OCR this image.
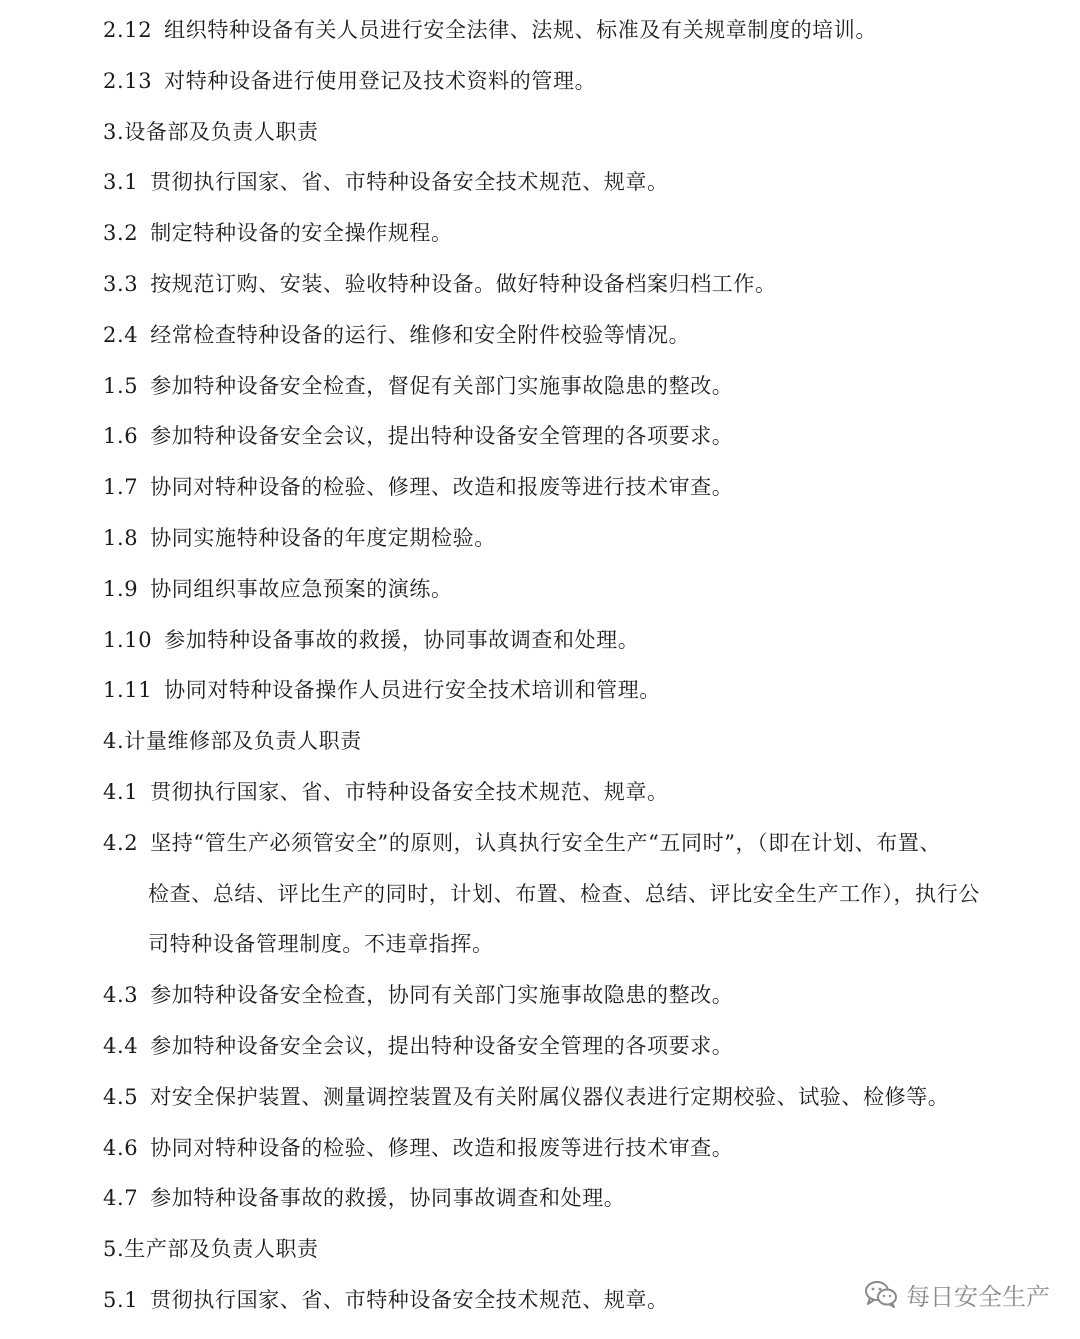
2.12 组织特种设备有关人员进行安全法律、法规、标准及有关规章制度的培训。
2.13 对特种设备进行使用登记及技术资料的管理。
3.设备部及负责人职责
3.1 贯彻执行国家、省、市特种设备安全技术规范、规章。
3.2 制定特种设备的安全操作规程。
3.3 按规范订购、安装、验收特种设备。做好特种设备档案归档工作。
2.4 经常检查特种设备的运行、维修和安全附件校验等情况。
1.5 参加特种设备安全检查，督促有关部门实施事故隐患的整改。
1.6 参加特种设备安全会议，提出特种设备安全管理的各项要求。
1.7 协同对特种设备的检验、修理、改造和报废等进行技术审查。
1.8 协同实施特种设备的年度定期检验。
1.9 协同组织事故应急预案的演练。
1.10 参加特种设备事故的救援，协同事故调查和处理。
1.11 协同对特种设备操作人员进行安全技术培训和管理。
4.计量维修部及负责人职责
4.1 贯彻执行国家、省、市特种设备安全技术规范、规章。
4.2 坚持“管生产必须管安全”的原则，认真执行安全生产“五同时”，（即在计划、布置、
检查、总结、评比生产的同时，计划、布置、检查、总结、评比安全生产工作），执行公
司特种设备管理制度。不违章指挥。
4.3 参加特种设备安全检查，协同有关部门实施事故隐患的整改。
4.4 参加特种设备安全会议，提出特种设备安全管理的各项要求。
4.5 对安全保护装置、测量调控装置及有关附属仪器仪表进行定期校验、试验、检修等。
4.6 协同对特种设备的检验、修理、改造和报废等进行技术审查。
4.7 参加特种设备事故的救援，协同事故调查和处理。
5.生产部及负责人职责
5.1 贯彻执行国家、省、市特种设备安全技术规范、规章。	每日安全生产
